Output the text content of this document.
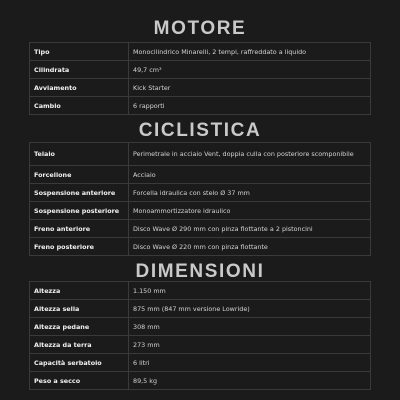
MOTORE
Tipo	Monocilindrico Minarelli, 2 tempi, raffreddato a liquido
Cilindrata	49,7 cm³
Avviamento	Kick Starter
Cambio	6 rapporti
CICLISTICA
Telaio	Perimetrale in acciaio Vent, doppia culla con posteriore scomponibile
Forcellone	Acciaio
Sospensione anteriore	Forcella idraulica con stelo Ø 37 mm
Sospensione posteriore	Monoammortizzatore idraulico
Freno anteriore	Disco Wave Ø 290 mm con pinza flottante a 2 pistoncini
Freno posteriore	Disco Wave Ø 220 mm con pinza flottante
DIMENSIONI
Altezza	1.150 mm
Altezza sella	875 mm (847 mm versione Lowride)
Altezza pedane	308 mm
Altezza da terra	273 mm
Capacità serbatoio	6 litri
Peso a secco	89,5 kg
